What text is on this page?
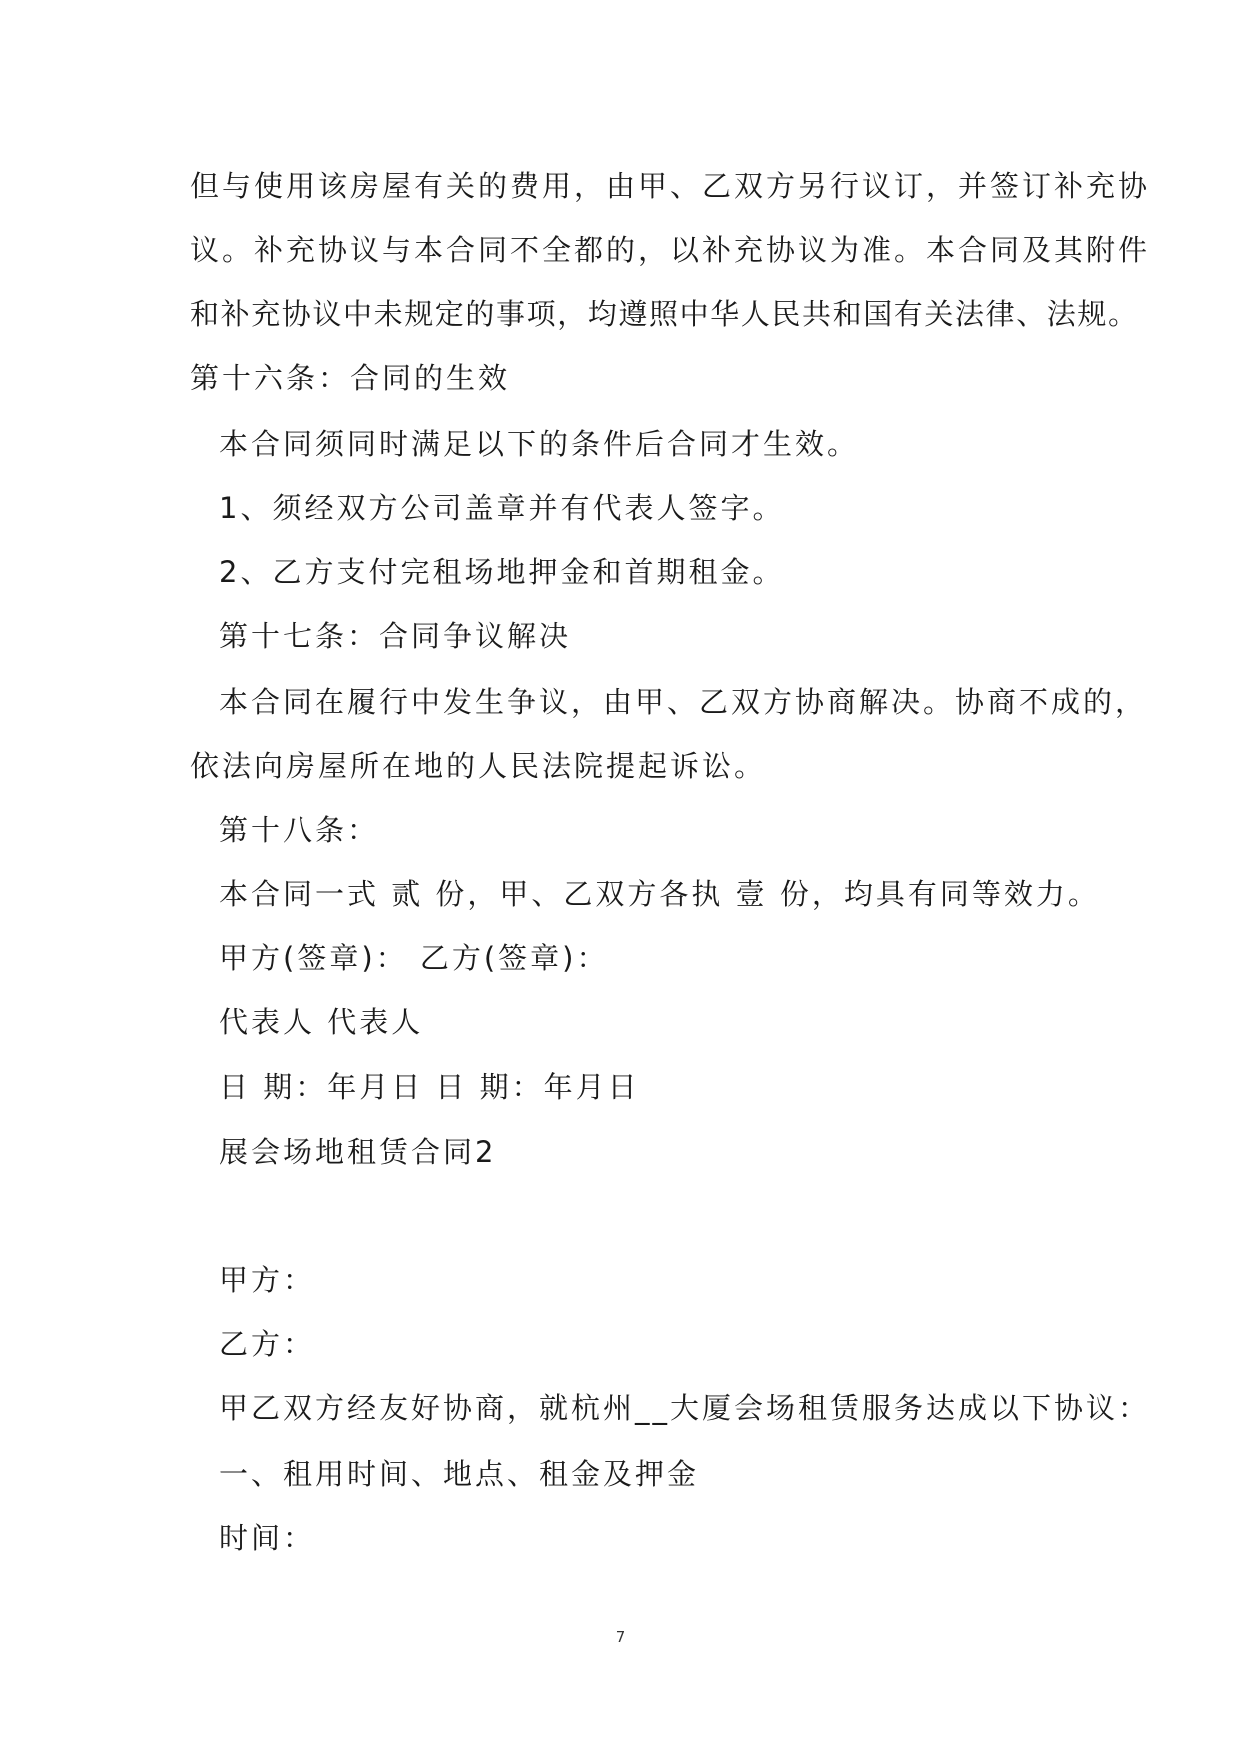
但与使用该房屋有关的费用，由甲、乙双方另行议订，并签订补充协
议。补充协议与本合同不全都的，以补充协议为准。本合同及其附件
和补充协议中未规定的事项，均遵照中华人民共和国有关法律、法规。
第十六条：合同的生效
本合同须同时满足以下的条件后合同才生效。
1、须经双方公司盖章并有代表人签字。
2、乙方支付完租场地押金和首期租金。
第十七条：合同争议解决
本合同在履行中发生争议，由甲、乙双方协商解决。协商不成的，
依法向房屋所在地的人民法院提起诉讼。
第十八条：
本合同一式 贰 份，甲、乙双方各执 壹 份，均具有同等效力。
甲方(签章)： 乙方(签章)：
代表人 代表人
日 期：年月日 日 期：年月日
展会场地租赁合同2
甲方：
乙方：
甲乙双方经友好协商，就杭州__大厦会场租赁服务达成以下协议：
一、租用时间、地点、租金及押金
时间：
7
